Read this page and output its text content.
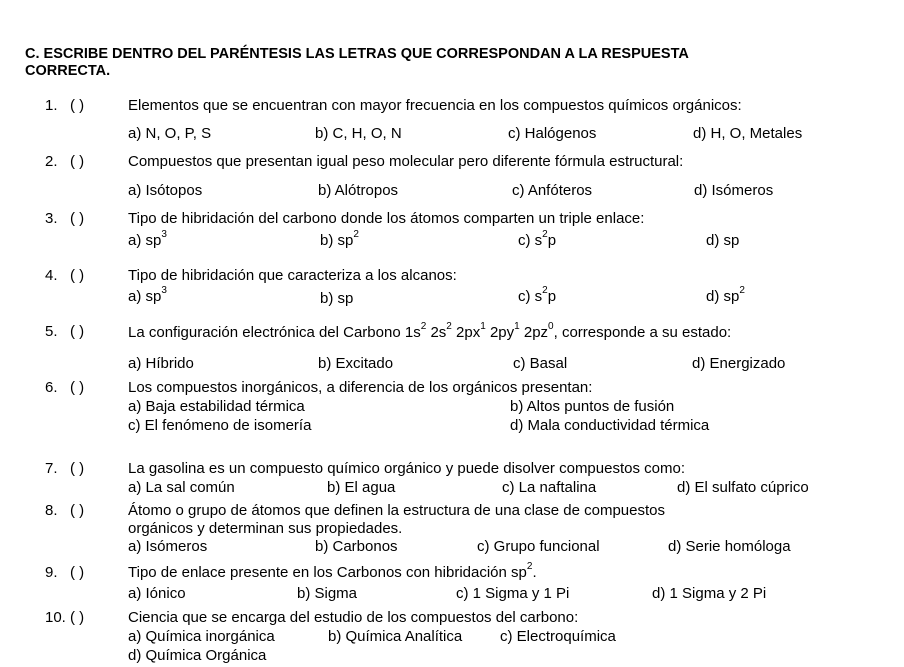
C. ESCRIBE DENTRO DEL PARÉNTESIS LAS LETRAS QUE CORRESPONDAN A LA RESPUESTA
CORRECTA.
1. ( )	Elementos que se encuentran con mayor frecuencia en los compuestos químicos orgánicos:
a) N, O, P, S	b) C, H, O, N	c) Halógenos	d) H, O, Metales
2. ( )	Compuestos que presentan igual peso molecular pero diferente fórmula estructural:
a) Isótopos	b) Alótropos	c) Anfóteros	d) Isómeros
3. ( )	Tipo de hibridación del carbono donde los átomos comparten un triple enlace:
a) $sp^3$	b) $sp^2$	c) $s^2p$	d) sp
4. ( )	Tipo de hibridación que caracteriza a los alcanos:
a) $sp^3$	b) sp	c) $s^2p$	d) $sp^2$
5. ( )	La configuración electrónica del Carbono $1s^2$ $2s^2$ $2px^1$ $2py^1$ $2pz^0$, corresponde a su estado:
a) Híbrido	b) Excitado	c) Basal	d) Energizado
6. ( )	Los compuestos inorgánicos, a diferencia de los orgánicos presentan:
a) Baja estabilidad térmica	b) Altos puntos de fusión
c) El fenómeno de isomería	d) Mala conductividad térmica
7. ( )	La gasolina es un compuesto químico orgánico y puede disolver compuestos como:
a) La sal común	b) El agua	c) La naftalina	d) El sulfato cúprico
8. ( )	Átomo o grupo de átomos que definen la estructura de una clase de compuestos
orgánicos y determinan sus propiedades.
a) Isómeros	b) Carbonos	c) Grupo funcional	d) Serie homóloga
9. ( )	Tipo de enlace presente en los Carbonos con hibridación $sp^2$.
a) Iónico	b) Sigma	c) 1 Sigma y 1 Pi	d) 1 Sigma y 2 Pi
10. ( )	Ciencia que se encarga del estudio de los compuestos del carbono:
a) Química inorgánica	b) Química Analítica	c) Electroquímica
d) Química Orgánica
